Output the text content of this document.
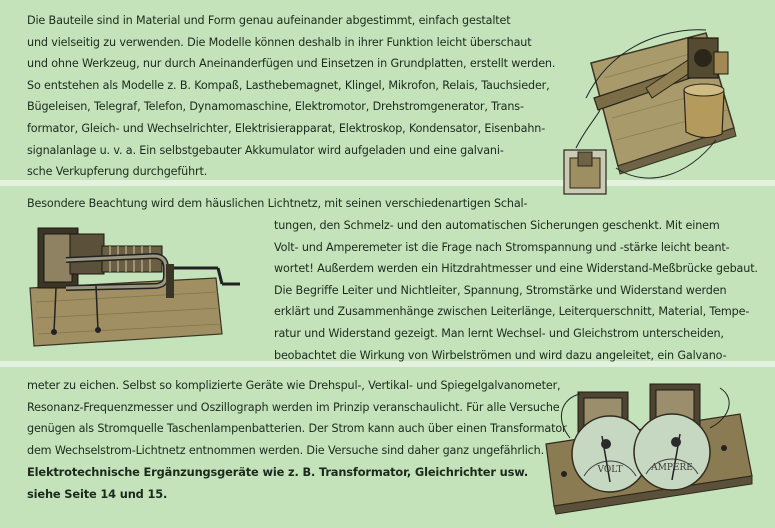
Die Bauteile sind in Material und Form genau aufeinander abgestimmt, einfach gestaltet
und vielseitig zu verwenden. Die Modelle können deshalb in ihrer Funktion leicht überschaut
und ohne Werkzeug, nur durch Aneinanderfügen und Einsetzen in Grundplatten, erstellt werden.
So entstehen als Modelle z. B. Kompaß, Lasthebemagnet, Klingel, Mikrofon, Relais, Tauchsieder,
Bügeleisen, Telegraf, Telefon, Dynamomaschine, Elektromotor, Drehstromgenerator, Trans-
formator, Gleich- und Wechselrichter, Elektrisierapparat, Elektroskop, Kondensator, Eisenbahn-
signalanlage u. v. a. Ein selbstgebauter Akkumulator wird aufgeladen und eine galvani-
sche Verkupferung durchgeführt.
Besondere Beachtung wird dem häuslichen Lichtnetz, mit seinen verschiedenartigen Schal-
tungen, den Schmelz- und den automatischen Sicherungen geschenkt. Mit einem
Volt- und Amperemeter ist die Frage nach Stromspannung und -stärke leicht beant-
wortet! Außerdem werden ein Hitzdrahtmesser und eine Widerstand-Meßbrücke gebaut.
Die Begriffe Leiter und Nichtleiter, Spannung, Stromstärke und Widerstand werden
erklärt und Zusammenhänge zwischen Leiterlänge, Leiterquerschnitt, Material, Tempe-
ratur und Widerstand gezeigt. Man lernt Wechsel- und Gleichstrom unterscheiden,
beobachtet die Wirkung von Wirbelströmen und wird dazu angeleitet, ein Galvano-
meter zu eichen. Selbst so komplizierte Geräte wie Drehspul-, Vertikal- und Spiegelgalvanometer,
Resonanz-Frequenzmesser und Oszillograph werden im Prinzip veranschaulicht. Für alle Versuche
genügen als Stromquelle Taschenlampenbatterien. Der Strom kann auch über einen Transformator
dem Wechselstrom-Lichtnetz entnommen werden. Die Versuche sind daher ganz ungefährlich.
Elektrotechnische Ergänzungsgeräte wie z. B. Transformator, Gleichrichter usw.
siehe Seite 14 und 15.
VOLT	AMPERE
